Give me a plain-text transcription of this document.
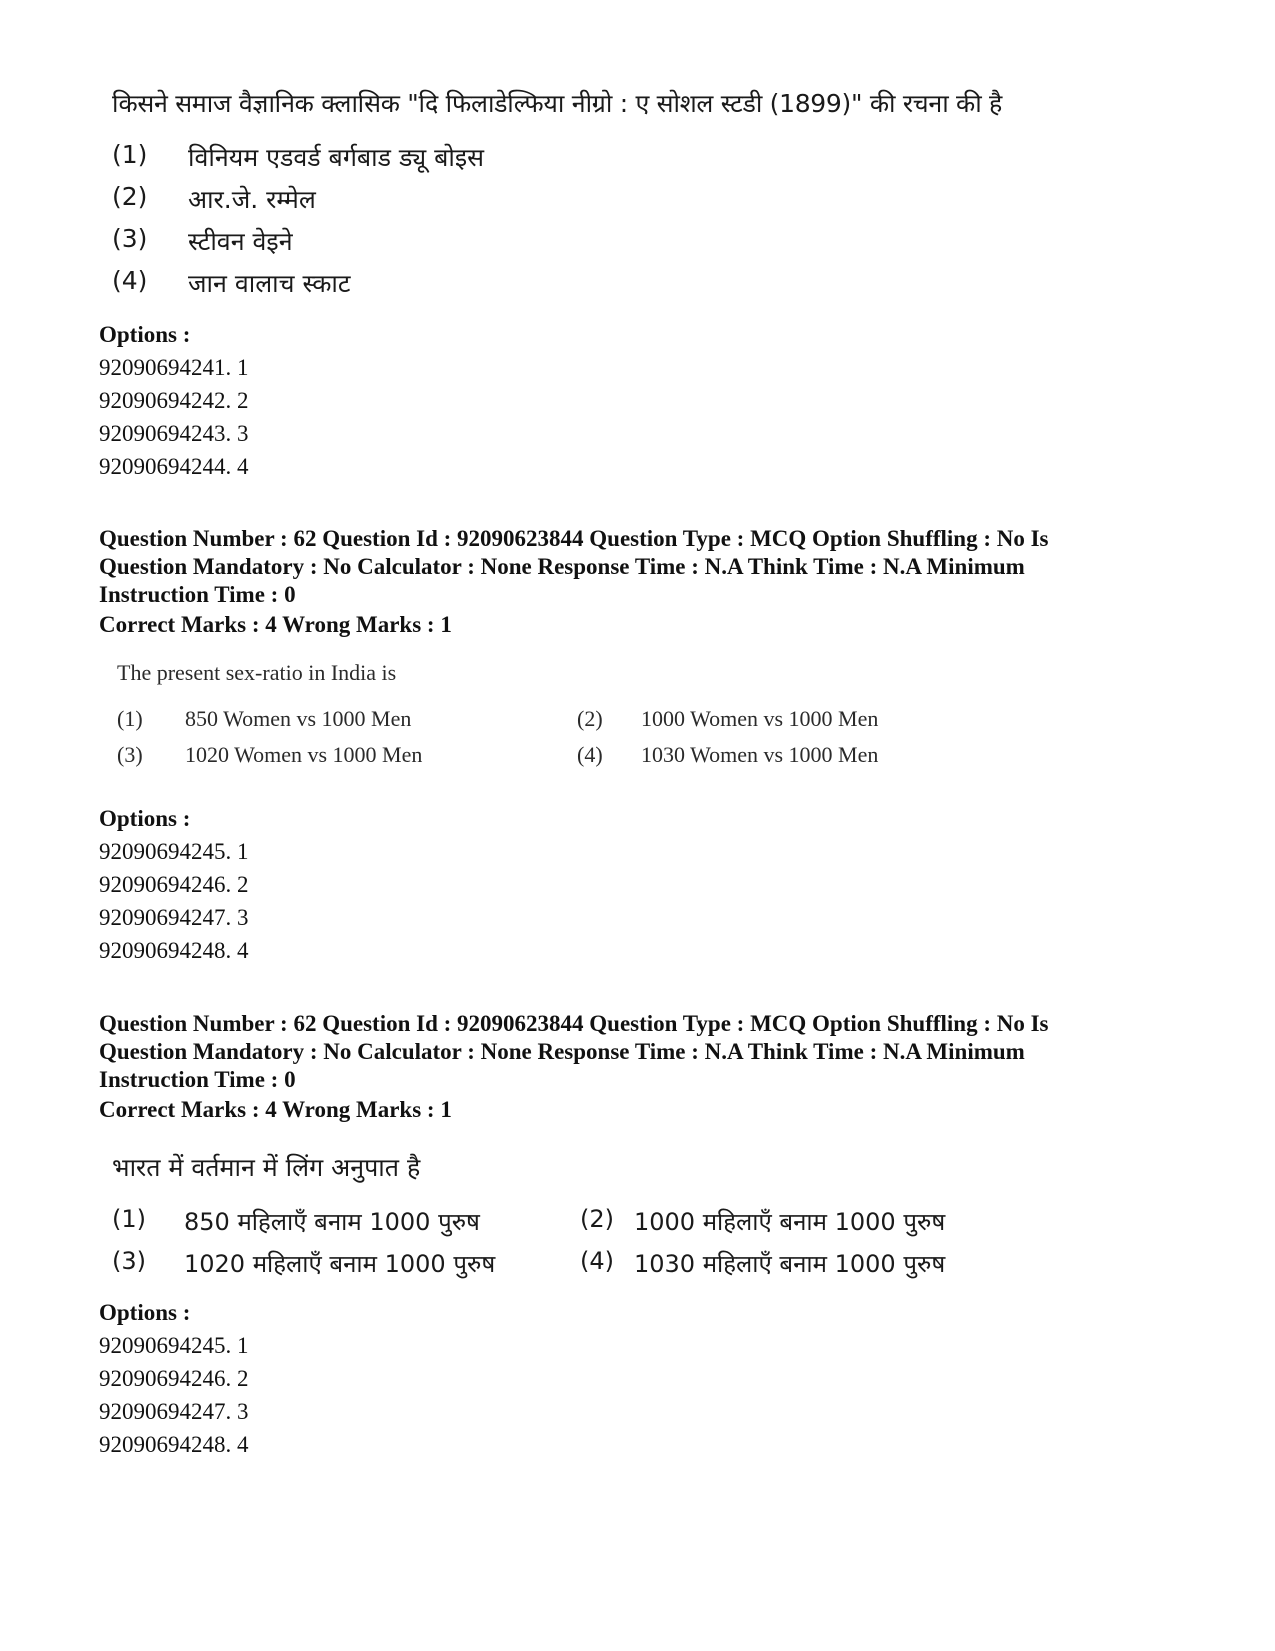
किसने समाज वैज्ञानिक क्लासिक "दि फिलाडेल्फिया नीग्रो : ए सोशल स्टडी (1899)" की रचना की है
(1)	विनियम एडवर्ड बर्गबाड ड्यू बोइस
(2)	आर.जे. रम्मेल
(3)	स्टीवन वेइने
(4)	जान वालाच स्काट
Options :
92090694241. 1
92090694242. 2
92090694243. 3
92090694244. 4
Question Number : 62 Question Id : 92090623844 Question Type : MCQ Option Shuffling : No Is
Question Mandatory : No Calculator : None Response Time : N.A Think Time : N.A Minimum
Instruction Time : 0
Correct Marks : 4 Wrong Marks : 1
The present sex-ratio in India is
(1) 850 Women vs 1000 Men	(2) 1000 Women vs 1000 Men
(3) 1020 Women vs 1000 Men	(4) 1030 Women vs 1000 Men
Options :
92090694245. 1
92090694246. 2
92090694247. 3
92090694248. 4
Question Number : 62 Question Id : 92090623844 Question Type : MCQ Option Shuffling : No Is
Question Mandatory : No Calculator : None Response Time : N.A Think Time : N.A Minimum
Instruction Time : 0
Correct Marks : 4 Wrong Marks : 1
भारत में वर्तमान में लिंग अनुपात है
(1) 850 महिलाएँ बनाम 1000 पुरुष	(2) 1000 महिलाएँ बनाम 1000 पुरुष
(3) 1020 महिलाएँ बनाम 1000 पुरुष	(4) 1030 महिलाएँ बनाम 1000 पुरुष
Options :
92090694245. 1
92090694246. 2
92090694247. 3
92090694248. 4
